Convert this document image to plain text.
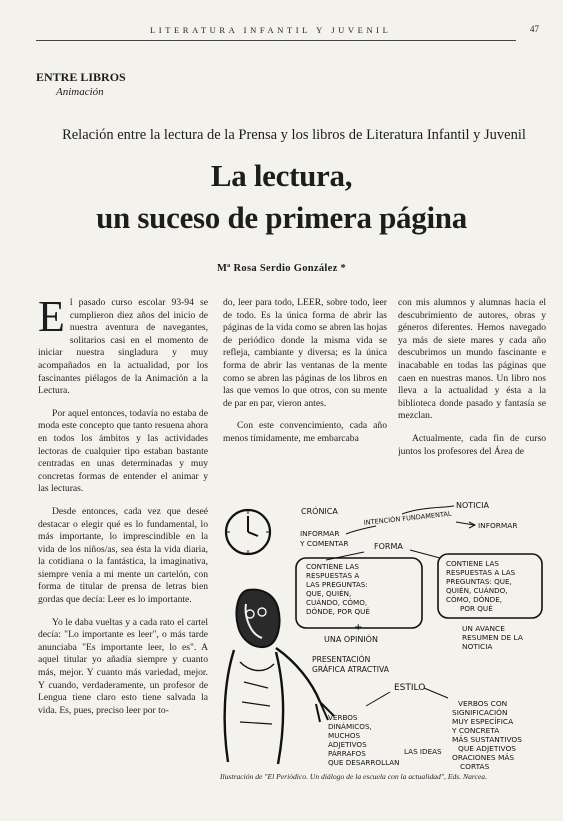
LITERATURA INFANTIL Y JUVENIL	47
ENTRE LIBROS
Animación
Relación entre la lectura de la Prensa y los libros de Literatura Infantil y Juvenil
La lectura,
un suceso de primera página
Mª Rosa Serdio González *

El pasado curso escolar 93-94 se cumplieron diez años del inicio de nuestra aventura de navegantes, solitarios casi en el momento de iniciar nuestra singladura y muy acompañados en la actualidad, por los fascinantes piélagos de la Animación a la Lectura.

Por aquel entonces, todavía no estaba de moda este concepto que tanto resuena ahora en todos los ámbitos y las actividades lectoras de cualquier tipo estaban bastante centradas en unas determinadas y muy concretas formas de entender el animar y las lecturas.

Desde entonces, cada vez que deseé destacar o elegir qué es lo fundamental, lo más importante, lo imprescindible en la vida de los niños/as, sea ésta la vida diaria, la cotidiana o la fantástica, la imaginativa, siempre venía a mi mente un cartelón, con forma de titular de prensa de letras bien gordas que decía: Leer es lo importante.

Yo le daba vueltas y a cada rato el cartel decía: "Lo importante es leer", o más tarde anunciaba "Es importante leer, lo es". A aquel titular yo añadía siempre y cuanto más, mejor. Y cuanto más variedad, mejor. Y cuando, verdaderamente, un profesor de Lengua tiene claro esto tiene salvada la vida. Es, pues, preciso leer por to-

do, leer para todo, LEER, sobre todo, leer de todo. Es la única forma de abrir las páginas de la vida como se abren las hojas de periódico donde la misma vida se refleja, cambiante y diversa; es la única forma de abrir las ventanas de la mente como se abren las páginas de los libros en las que vemos lo que otros, con su mente de par en par, vieron antes.

Con este convencimiento, cada año menos tímidamente, me embarcaba

con mis alumnos y alumnas hacia el descubrimiento de autores, obras y géneros diferentes. Hemos navegado ya más de siete mares y cada año descubrimos un mundo fascinante e inacabable en todas las páginas que caen en nuestras manos. Un libro nos lleva a la actualidad y ésta a la biblioteca donde pasado y fantasía se mezclan.

Actualmente, cada fin de curso juntos los profesores del Área de

CRÓNICA
NOTICIA
INTENCIÓN FUNDAMENTAL	INFORMAR
INFORMAR
Y COMENTAR	FORMA
CONTIENE LAS
RESPUESTAS A
LAS PREGUNTAS:
QUE, QUIÉN,
CUÁNDO, CÓMO,
DÓNDE, POR QUÉ
+
UNA OPINIÓN
CONTIENE LAS
RESPUESTAS A LAS
PREGUNTAS: QUE,
QUIÉN, CUÁNDO,
CÓMO, DÓNDE,
POR QUÉ
UN AVANCE
RESUMEN DE LA
NOTICIA
PRESENTACIÓN
GRÁFICA ATRACTIVA
ESTILO
VERBOS
DINÁMICOS,
MUCHOS
ADJETIVOS
PÁRRAFOS
QUE DESARROLLAN
LAS IDEAS
VERBOS CON
SIGNIFICACIÓN
MUY ESPECÍFICA
Y CONCRETA
MÁS SUSTANTIVOS
QUE ADJETIVOS
ORACIONES MÁS
CORTAS
Ilustración de "El Periódico. Un diálogo de la escuela con la actualidad", Eds. Narcea.
